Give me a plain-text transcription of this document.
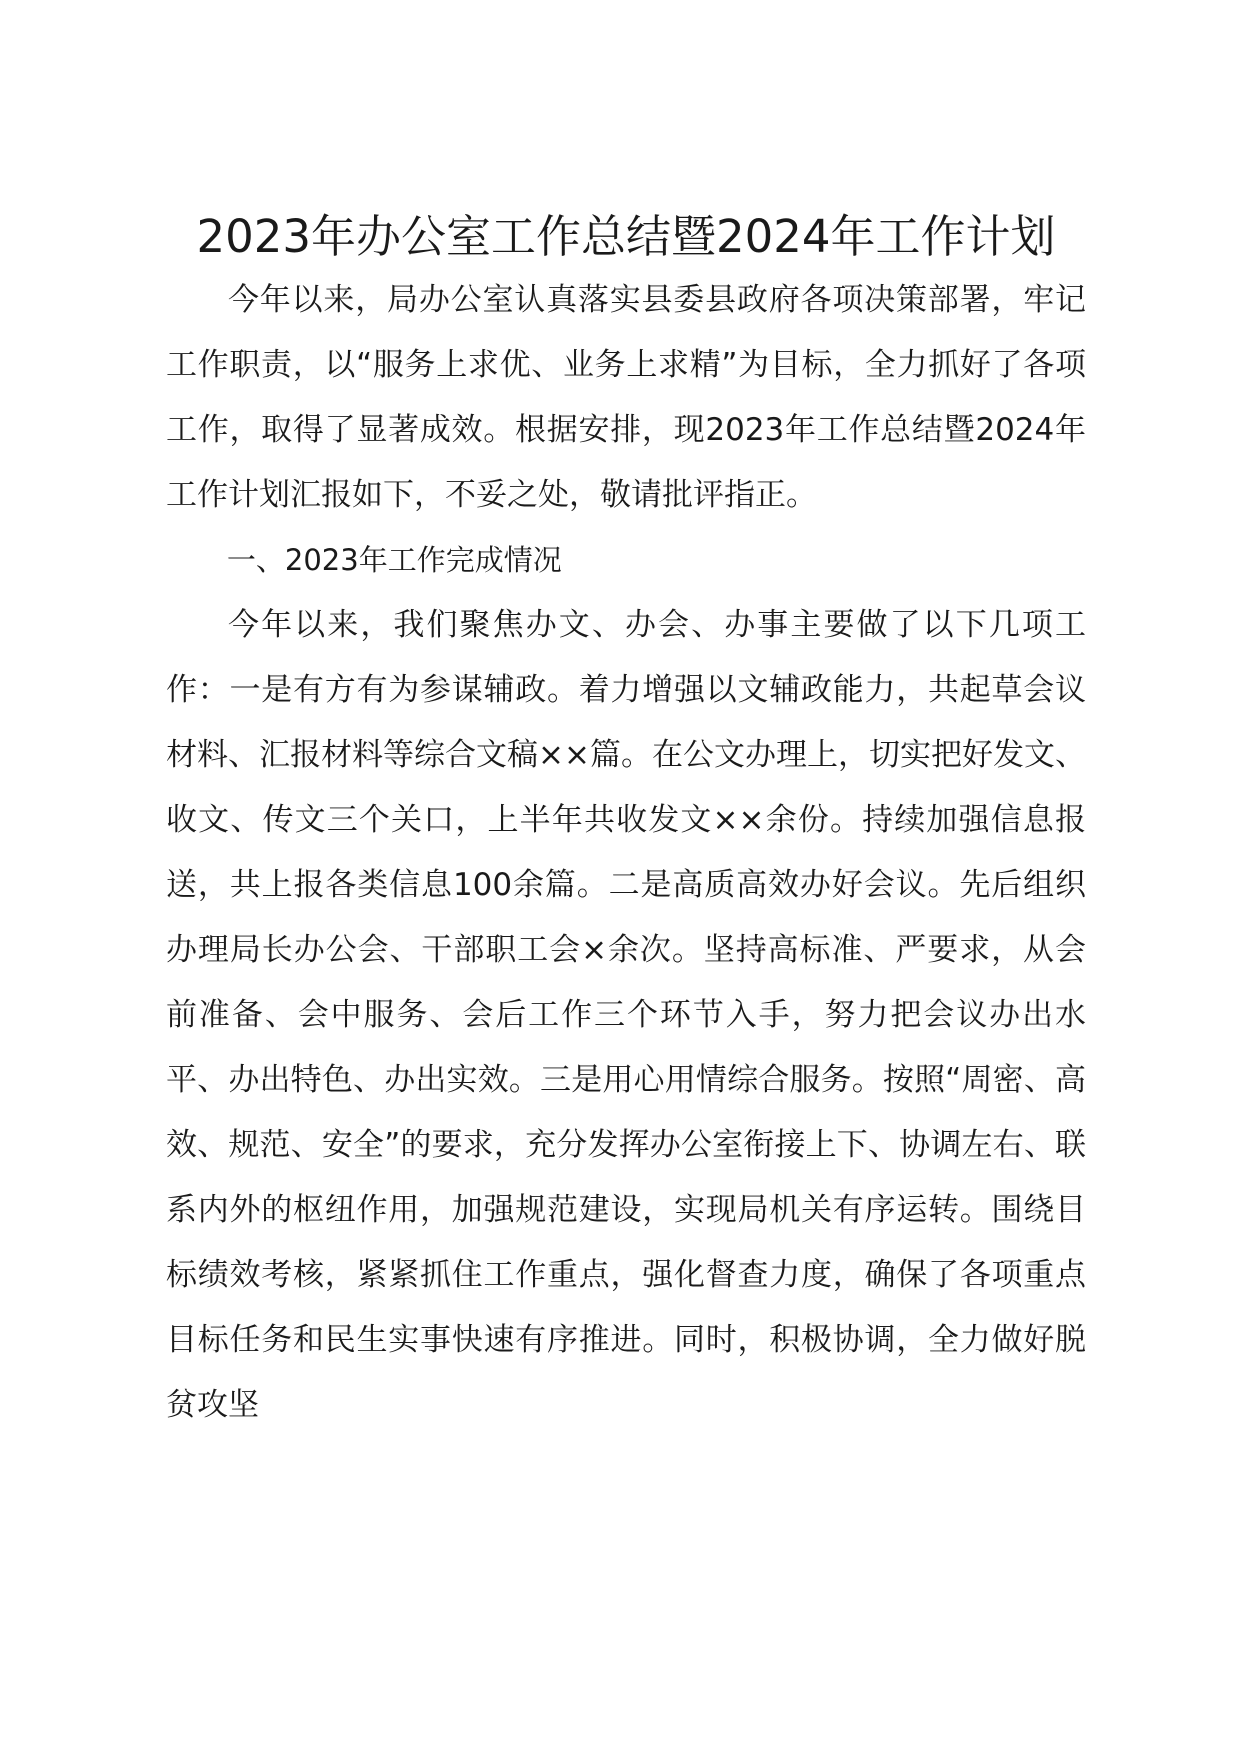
2023年办公室工作总结暨2024年工作计划

今年以来，局办公室认真落实县委县政府各项决策部署，牢记工作职责，以“服务上求优、业务上求精”为目标，全力抓好了各项工作，取得了显著成效。根据安排，现2023年工作总结暨2024年工作计划汇报如下，不妥之处，敬请批评指正。

一、2023年工作完成情况

今年以来，我们聚焦办文、办会、办事主要做了以下几项工作：一是有方有为参谋辅政。着力增强以文辅政能力，共起草会议材料、汇报材料等综合文稿××篇。在公文办理上，切实把好发文、收文、传文三个关口，上半年共收发文××余份。持续加强信息报送，共上报各类信息100余篇。二是高质高效办好会议。先后组织办理局长办公会、干部职工会×余次。坚持高标准、严要求，从会前准备、会中服务、会后工作三个环节入手，努力把会议办出水平、办出特色、办出实效。三是用心用情综合服务。按照“周密、高效、规范、安全”的要求，充分发挥办公室衔接上下、协调左右、联系内外的枢纽作用，加强规范建设，实现局机关有序运转。围绕目标绩效考核，紧紧抓住工作重点，强化督查力度，确保了各项重点目标任务和民生实事快速有序推进。同时，积极协调，全力做好脱贫攻坚
